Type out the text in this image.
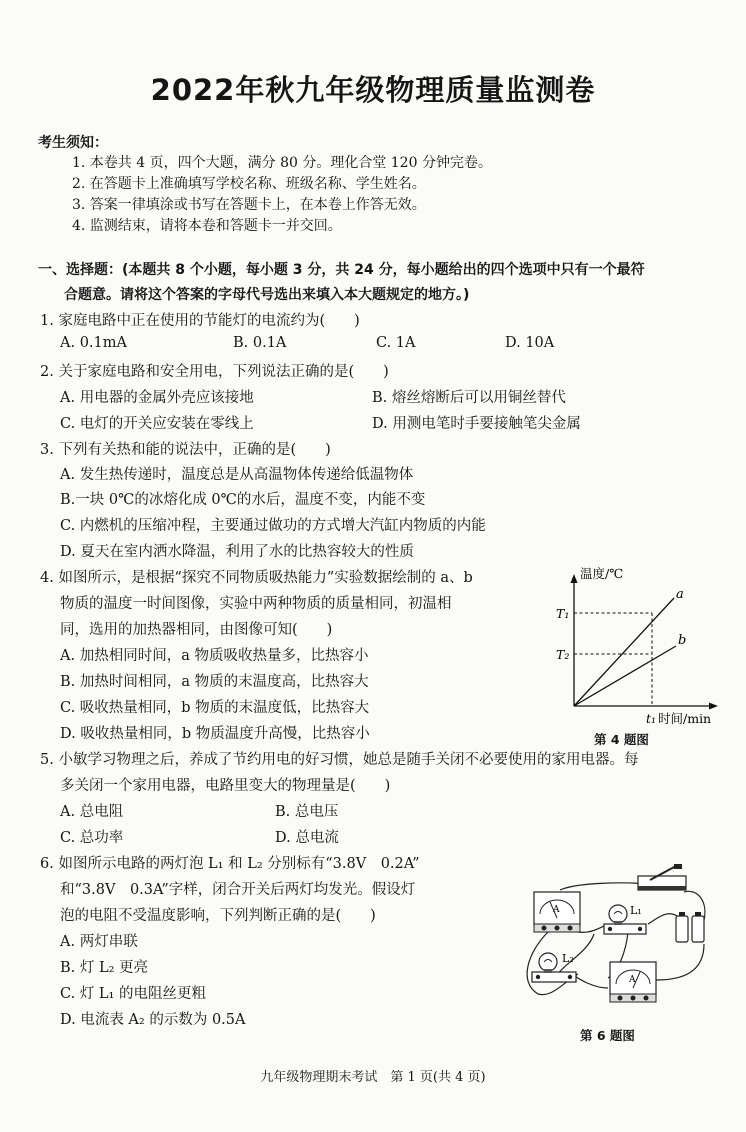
2022年秋九年级物理质量监测卷
考生须知：
1. 本卷共 4 页，四个大题，满分 80 分。理化合堂 120 分钟完卷。
2. 在答题卡上准确填写学校名称、班级名称、学生姓名。
3. 答案一律填涂或书写在答题卡上，在本卷上作答无效。
4. 监测结束，请将本卷和答题卡一并交回。
一、选择题：(本题共 8 个小题，每小题 3 分，共 24 分，每小题给出的四个选项中只有一个最符
合题意。请将这个答案的字母代号选出来填入本大题规定的地方。)
1. 家庭电路中正在使用的节能灯的电流约为(　　)
A. 0.1mA	B. 0.1A	C. 1A	D. 10A
2. 关于家庭电路和安全用电，下列说法正确的是(　　)
A. 用电器的金属外壳应该接地	B. 熔丝熔断后可以用铜丝替代
C. 电灯的开关应安装在零线上	D. 用测电笔时手要接触笔尖金属
3. 下列有关热和能的说法中，正确的是(　　)
A. 发生热传递时，温度总是从高温物体传递给低温物体
B.一块 0℃的冰熔化成 0℃的水后，温度不变，内能不变
C. 内燃机的压缩冲程，主要通过做功的方式增大汽缸内物质的内能
D. 夏天在室内洒水降温，利用了水的比热容较大的性质
4. 如图所示，是根据“探究不同物质吸热能力”实验数据绘制的 a、b
物质的温度一时间图像，实验中两种物质的质量相同，初温相
同，选用的加热器相同，由图像可知(　　)
A. 加热相同时间，a 物质吸收热量多，比热容小
B. 加热时间相同，a 物质的末温度高，比热容大
C. 吸收热量相同，b 物质的末温度低，比热容大
D. 吸收热量相同，b 物质温度升高慢，比热容小
温度/℃
a
b
T₁
T₂
t₁ 时间/min
第 4 题图
5. 小敏学习物理之后，养成了节约用电的好习惯，她总是随手关闭不必要使用的家用电器。每
多关闭一个家用电器，电路里变大的物理量是(　　)
A. 总电阻	B. 总电压
C. 总功率	D. 总电流
6. 如图所示电路的两灯泡 L₁ 和 L₂ 分别标有“3.8V　0.2A”
和“3.8V　0.3A”字样，闭合开关后两灯均发光。假设灯
泡的电阻不受温度影响，下列判断正确的是(　　)
A. 两灯串联
B. 灯 L₂ 更亮
C. 灯 L₁ 的电阻丝更粗
D. 电流表 A₂ 的示数为 0.5A
A	L₁
L₂
A
第 6 题图
九年级物理期末考试　第 1 页(共 4 页)
